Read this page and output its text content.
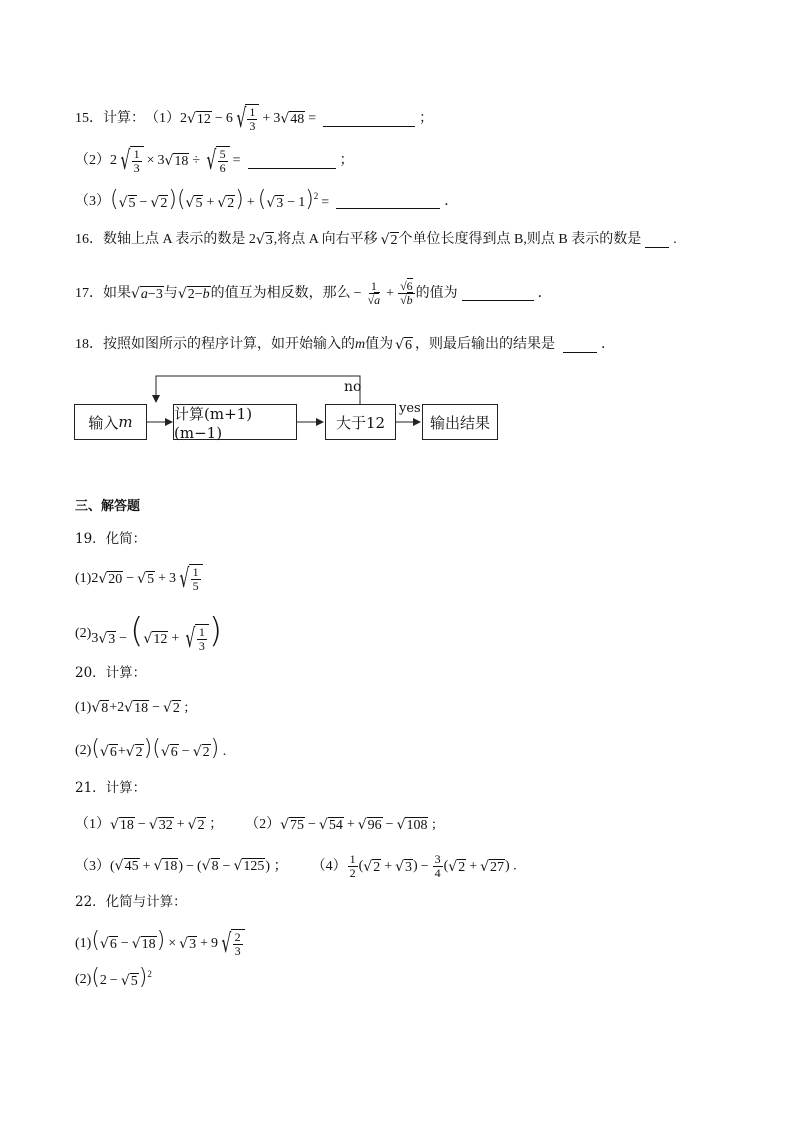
15．计算： （1） 2 √ 12 − 6 √ $\frac{1}{3} + 3$ √ 48 =	；
（2） 2 √ $\frac{1}{3} \times 3$ √ 18 ÷ √ $\frac{5}{6}$ =	；
（3） ( √ 5 − √ 2 )( √ 5 + √ 2 ) + ( √ 3 − 1)$^2$ =	．
16．数轴上点 A 表示的数是 2 √ 3 ,将点 A 向右平移 √ 2 个单位长度得到点 B,则点 B 表示的数是 .
17．如果 √ a−3 与 √ 2−b 的值互为相反数，那么 − $\frac{1}{√a} + \frac{√6}{√b}$ 的值为	．
18．按照如图所示的程序计算，如开始输入的 m 值为 √ 6 ，则最后输出的结果是	．
输入 m	计算(m+1)(m−1)
大于12	输出结果
no
yes
三、解答题
19．化简：
(1) 2 √ 20 − √ 5 + 3 √ $\frac{1}{5}$
(2) 3 √ 3 −( √ 12 + √ $\frac{1}{3}$ )
20．计算：
(1) √ 8 +2 √ 18 − √ 2 ;
(2) ( √ 6 + √ 2 )( √ 6 − √ 2 ) .
21．计算：
（1） √ 18 − √ 32 + √ 2 ； （2） √ 75 − √ 54 + √ 96 − √ 108 ;
（3） ( √ 45 + √ 18 ) − ( √ 8 − √ 125 ) ； $(4) \frac{1}{2}$ ( √ 2 + √ 3 ) − $\frac{3}{4}$ ( √ 2 + √ 27 ) .
22．化简与计算：
(1) ( √ 6 − √ 18 ) × √ 3 + 9 √ $\frac{2}{3}$
(2) (2 − √ 5 )$^2$
